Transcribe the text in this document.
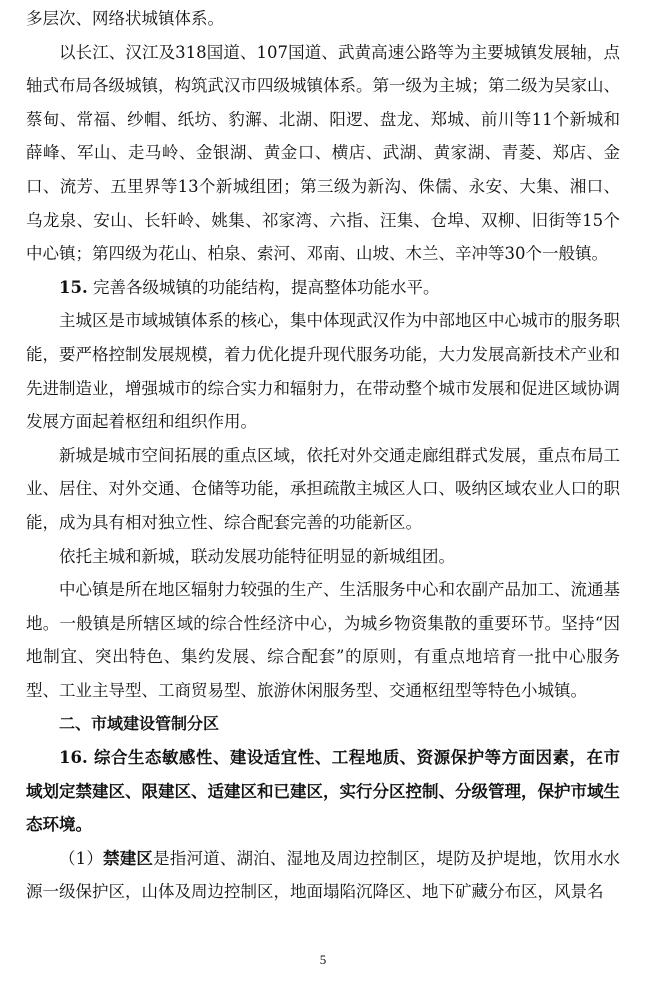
多层次、网络状城镇体系。

以长江、汉江及318国道、107国道、武黄高速公路等为主要城镇发展轴，点轴式布局各级城镇，构筑武汉市四级城镇体系。第一级为主城；第二级为吴家山、蔡甸、常福、纱帽、纸坊、豹澥、北湖、阳逻、盘龙、郑城、前川等11个新城和薛峰、军山、走马岭、金银湖、黄金口、横店、武湖、黄家湖、青菱、郑店、金口、流芳、五里界等13个新城组团；第三级为新沟、侏儒、永安、大集、湘口、乌龙泉、安山、长轩岭、姚集、祁家湾、六指、汪集、仓埠、双柳、旧街等15个中心镇；第四级为花山、柏泉、索河、邓南、山坡、木兰、辛冲等30个一般镇。

15. 完善各级城镇的功能结构，提高整体功能水平。

主城区是市域城镇体系的核心，集中体现武汉作为中部地区中心城市的服务职能，要严格控制发展规模，着力优化提升现代服务功能，大力发展高新技术产业和先进制造业，增强城市的综合实力和辐射力，在带动整个城市发展和促进区域协调发展方面起着枢纽和组织作用。

新城是城市空间拓展的重点区域，依托对外交通走廊组群式发展，重点布局工业、居住、对外交通、仓储等功能，承担疏散主城区人口、吸纳区域农业人口的职能，成为具有相对独立性、综合配套完善的功能新区。

依托主城和新城，联动发展功能特征明显的新城组团。

中心镇是所在地区辐射力较强的生产、生活服务中心和农副产品加工、流通基地。一般镇是所辖区域的综合性经济中心，为城乡物资集散的重要环节。坚持“因地制宜、突出特色、集约发展、综合配套”的原则，有重点地培育一批中心服务型、工业主导型、工商贸易型、旅游休闲服务型、交通枢纽型等特色小城镇。

二、市域建设管制分区

16. 综合生态敏感性、建设适宜性、工程地质、资源保护等方面因素，在市域划定禁建区、限建区、适建区和已建区，实行分区控制、分级管理，保护市域生态环境。

（1）禁建区是指河道、湖泊、湿地及周边控制区，堤防及护堤地，饮用水水源一级保护区，山体及周边控制区，地面塌陷沉降区、地下矿藏分布区，风景名

5
